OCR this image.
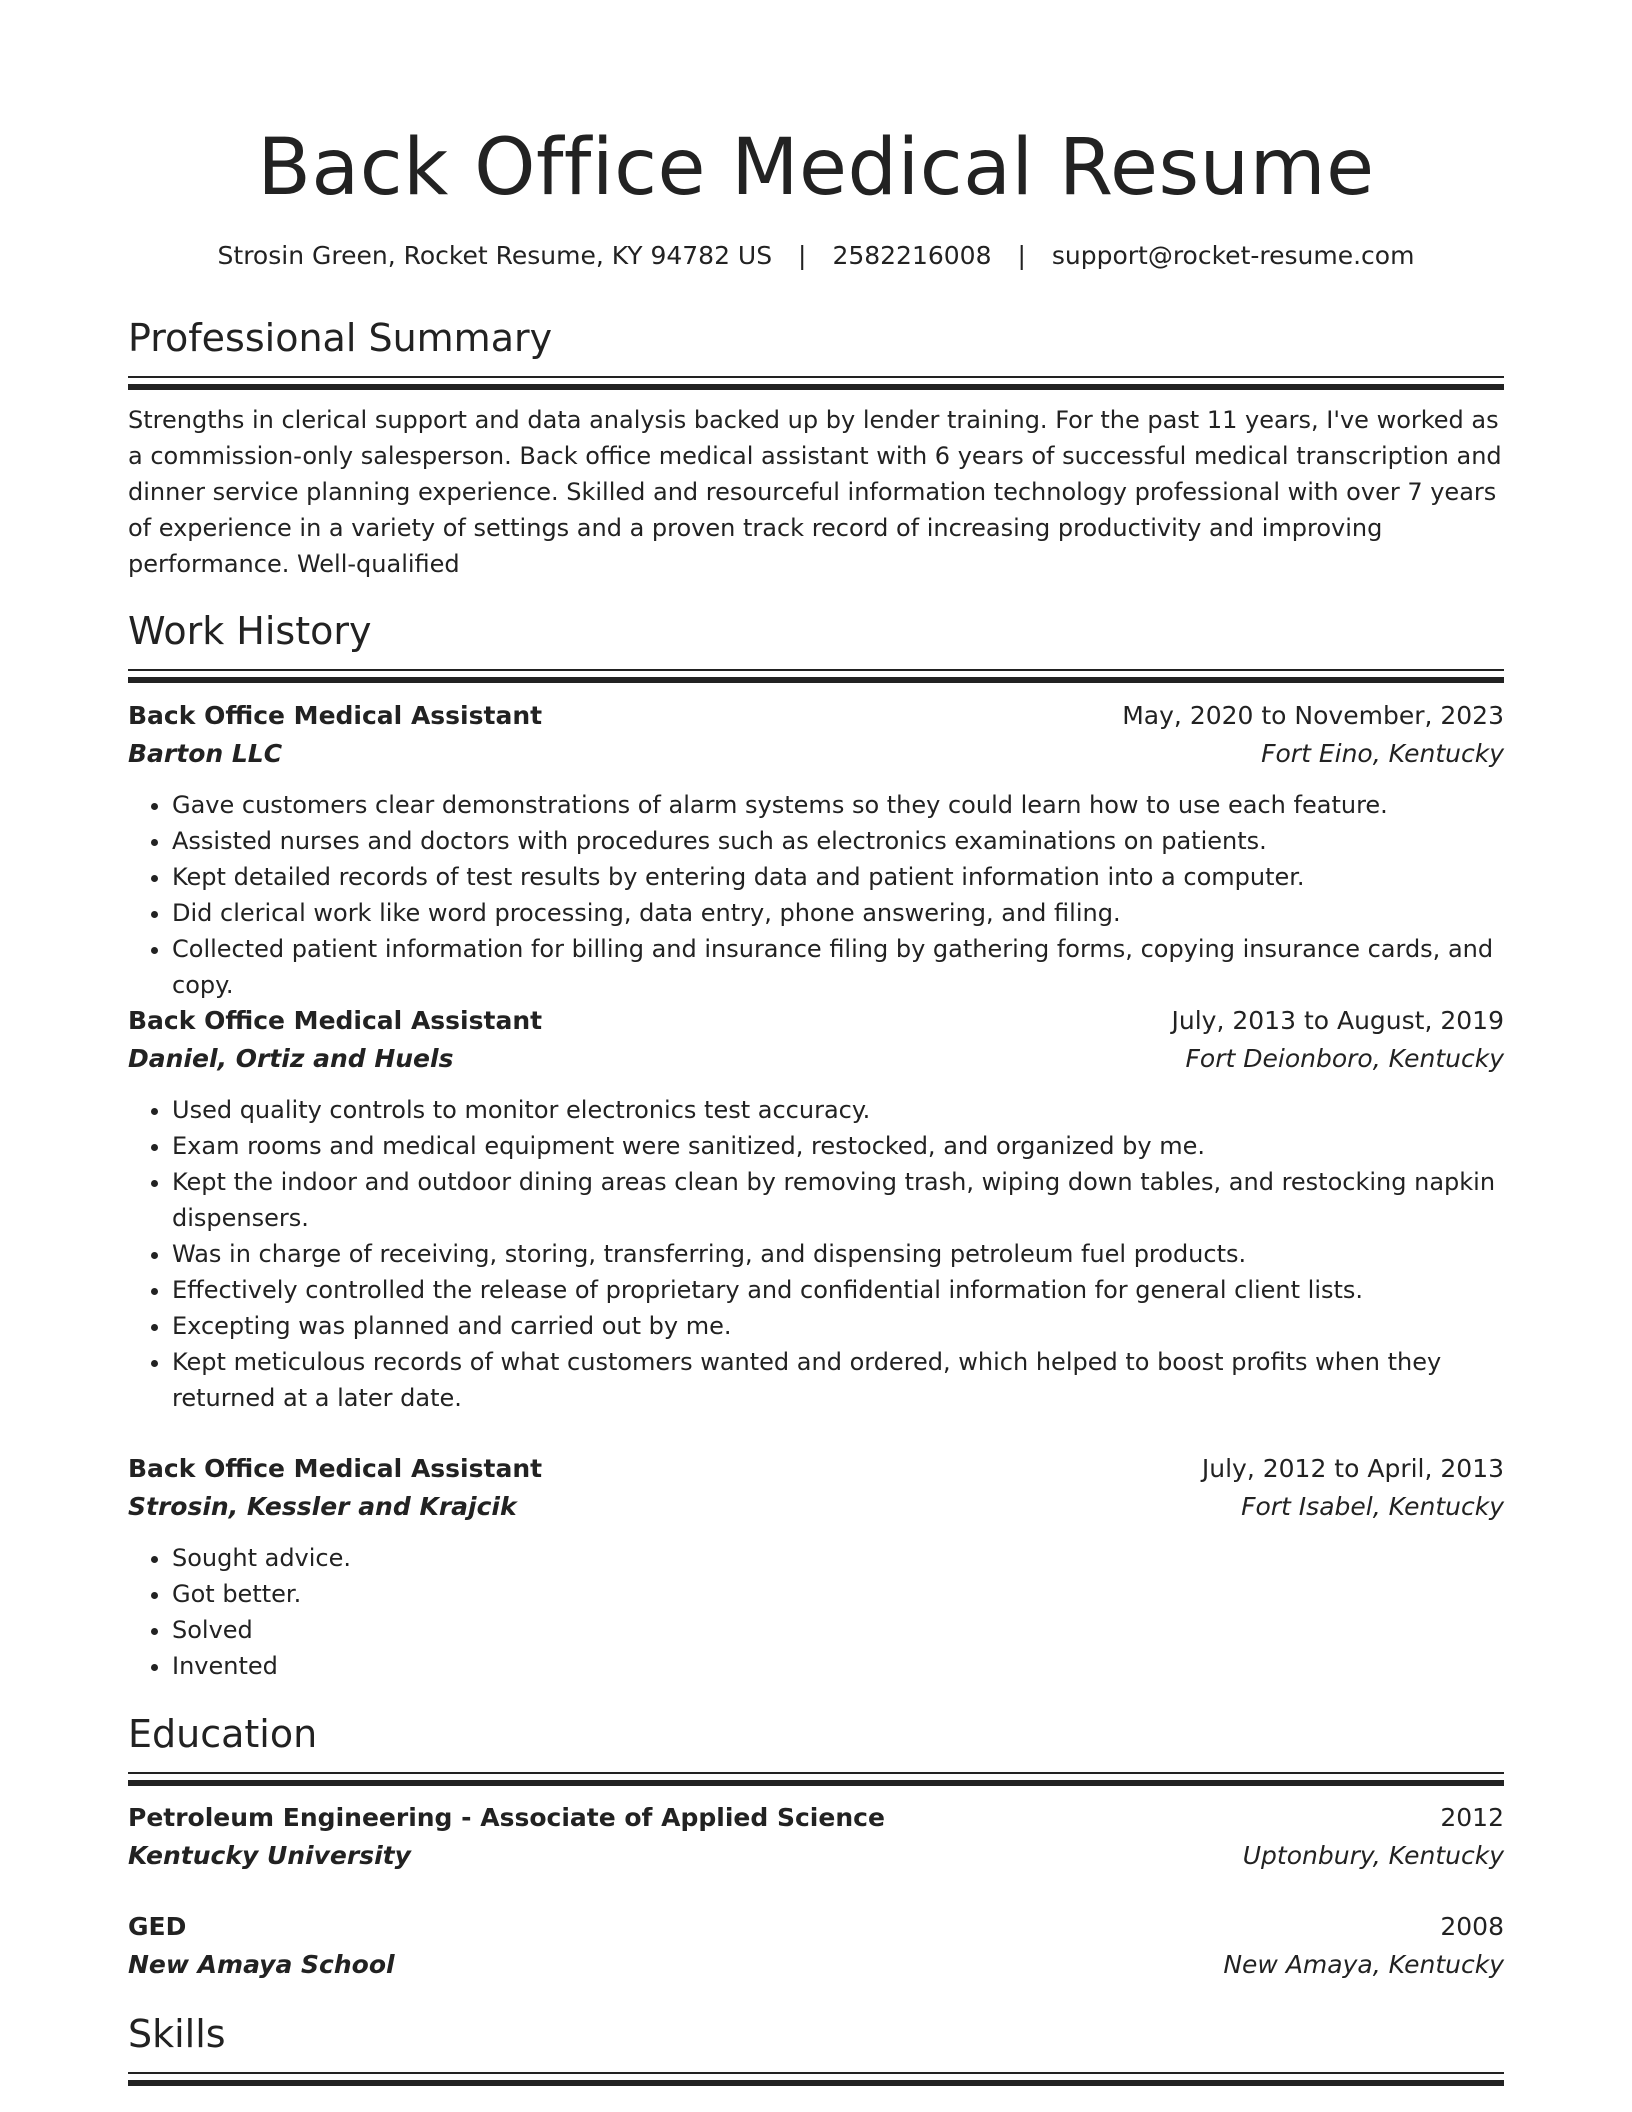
Back Office Medical Resume
Strosin Green, Rocket Resume, KY 94782 US | 2582216008 | support@rocket-resume.com
Professional Summary
Strengths in clerical support and data analysis backed up by lender training. For the past 11 years, I've worked as a commission-only salesperson. Back office medical assistant with 6 years of successful medical transcription and dinner service planning experience. Skilled and resourceful information technology professional with over 7 years of experience in a variety of settings and a proven track record of increasing productivity and improving performance. Well-qualified
Work History
Back Office Medical Assistant	May, 2020 to November, 2023
Barton LLC	Fort Eino, Kentucky
• Gave customers clear demonstrations of alarm systems so they could learn how to use each feature.
• Assisted nurses and doctors with procedures such as electronics examinations on patients.
• Kept detailed records of test results by entering data and patient information into a computer.
• Did clerical work like word processing, data entry, phone answering, and filing.
• Collected patient information for billing and insurance filing by gathering forms, copying insurance cards, and copy.
Back Office Medical Assistant	July, 2013 to August, 2019
Daniel, Ortiz and Huels	Fort Deionboro, Kentucky
• Used quality controls to monitor electronics test accuracy.
• Exam rooms and medical equipment were sanitized, restocked, and organized by me.
• Kept the indoor and outdoor dining areas clean by removing trash, wiping down tables, and restocking napkin dispensers.
• Was in charge of receiving, storing, transferring, and dispensing petroleum fuel products.
• Effectively controlled the release of proprietary and confidential information for general client lists.
• Excepting was planned and carried out by me.
• Kept meticulous records of what customers wanted and ordered, which helped to boost profits when they returned at a later date.
Back Office Medical Assistant	July, 2012 to April, 2013
Strosin, Kessler and Krajcik	Fort Isabel, Kentucky
• Sought advice.
• Got better.
• Solved
• Invented
Education
Petroleum Engineering - Associate of Applied Science	2012
Kentucky University	Uptonbury, Kentucky
GED	2008
New Amaya School	New Amaya, Kentucky
Skills
